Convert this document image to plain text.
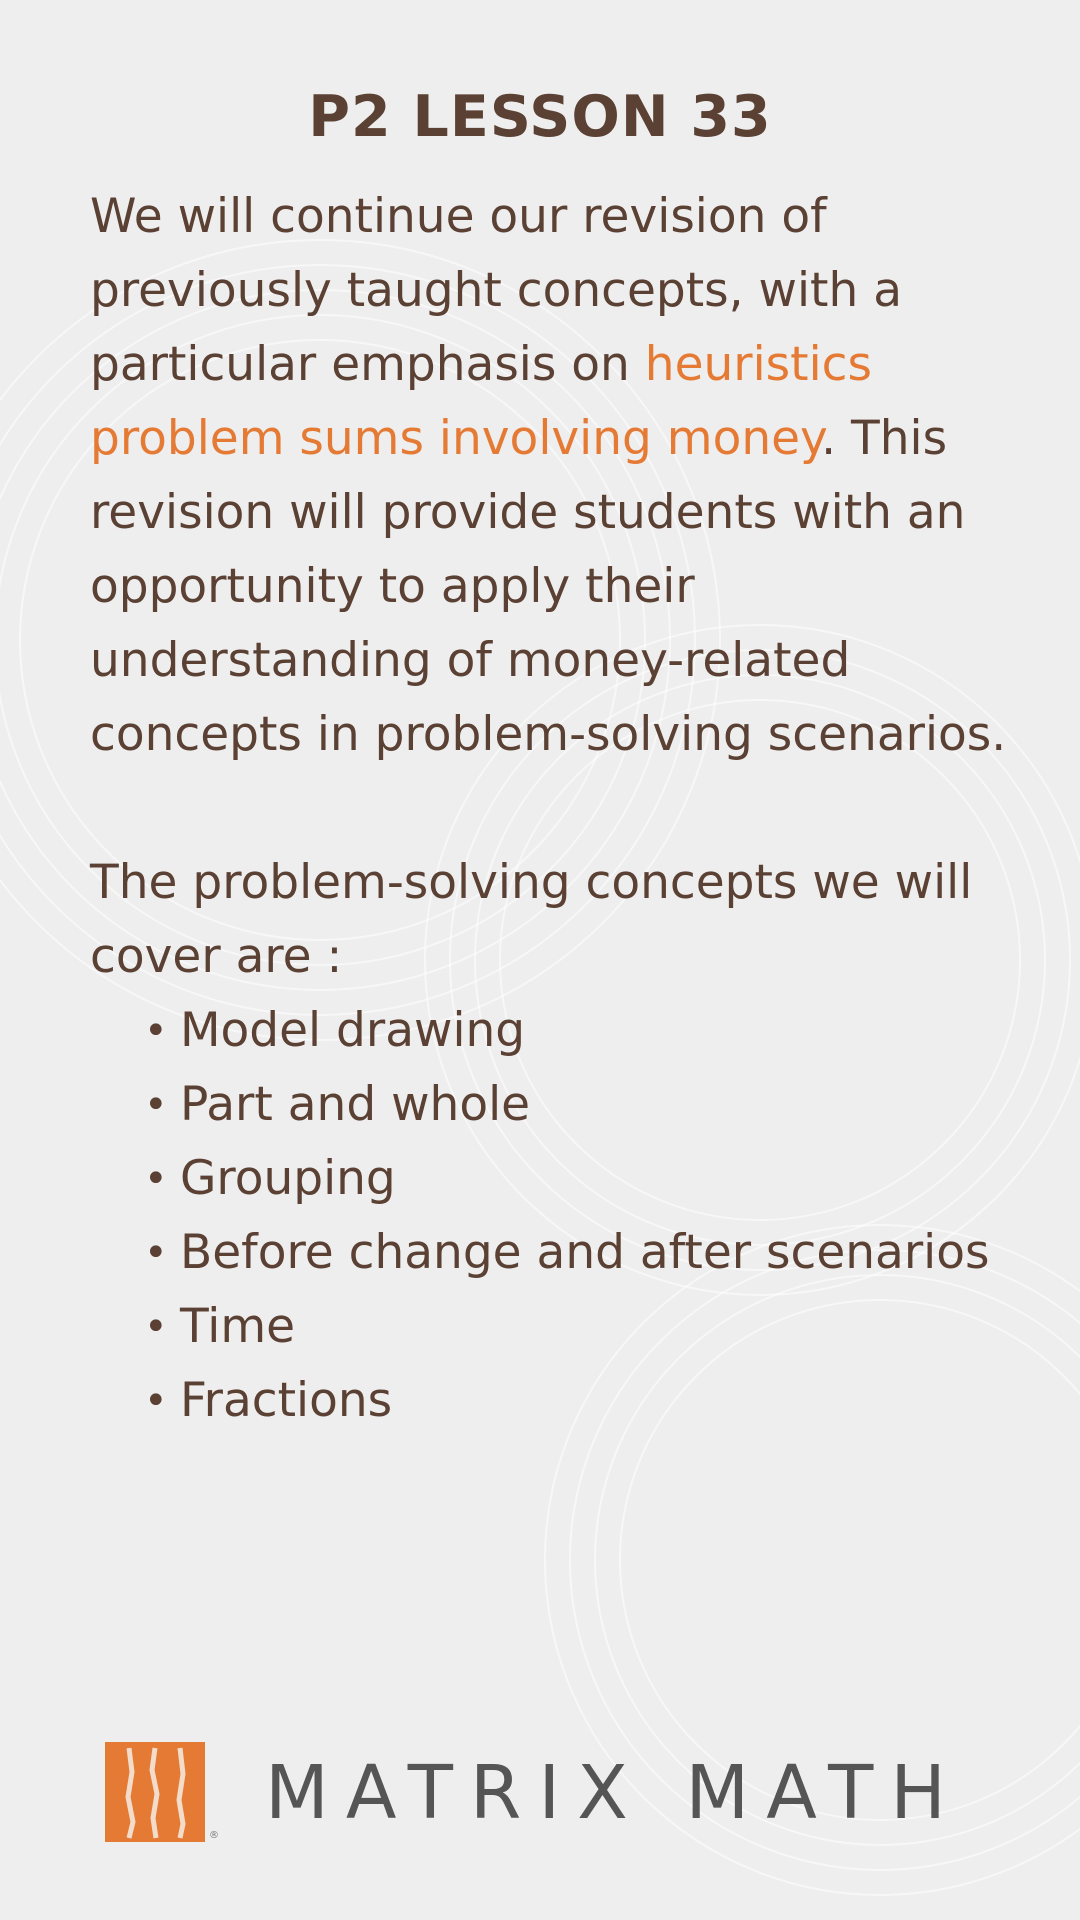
P2 LESSON 33

We will continue our revision of previously taught concepts, with a particular emphasis on heuristics problem sums involving money. This revision will provide students with an opportunity to apply their understanding of money-related concepts in problem-solving scenarios.

The problem-solving concepts we will cover are :

• Model drawing
• Part and whole
• Grouping
• Before change and after scenarios
• Time
• Fractions
® MATRIX MATH
